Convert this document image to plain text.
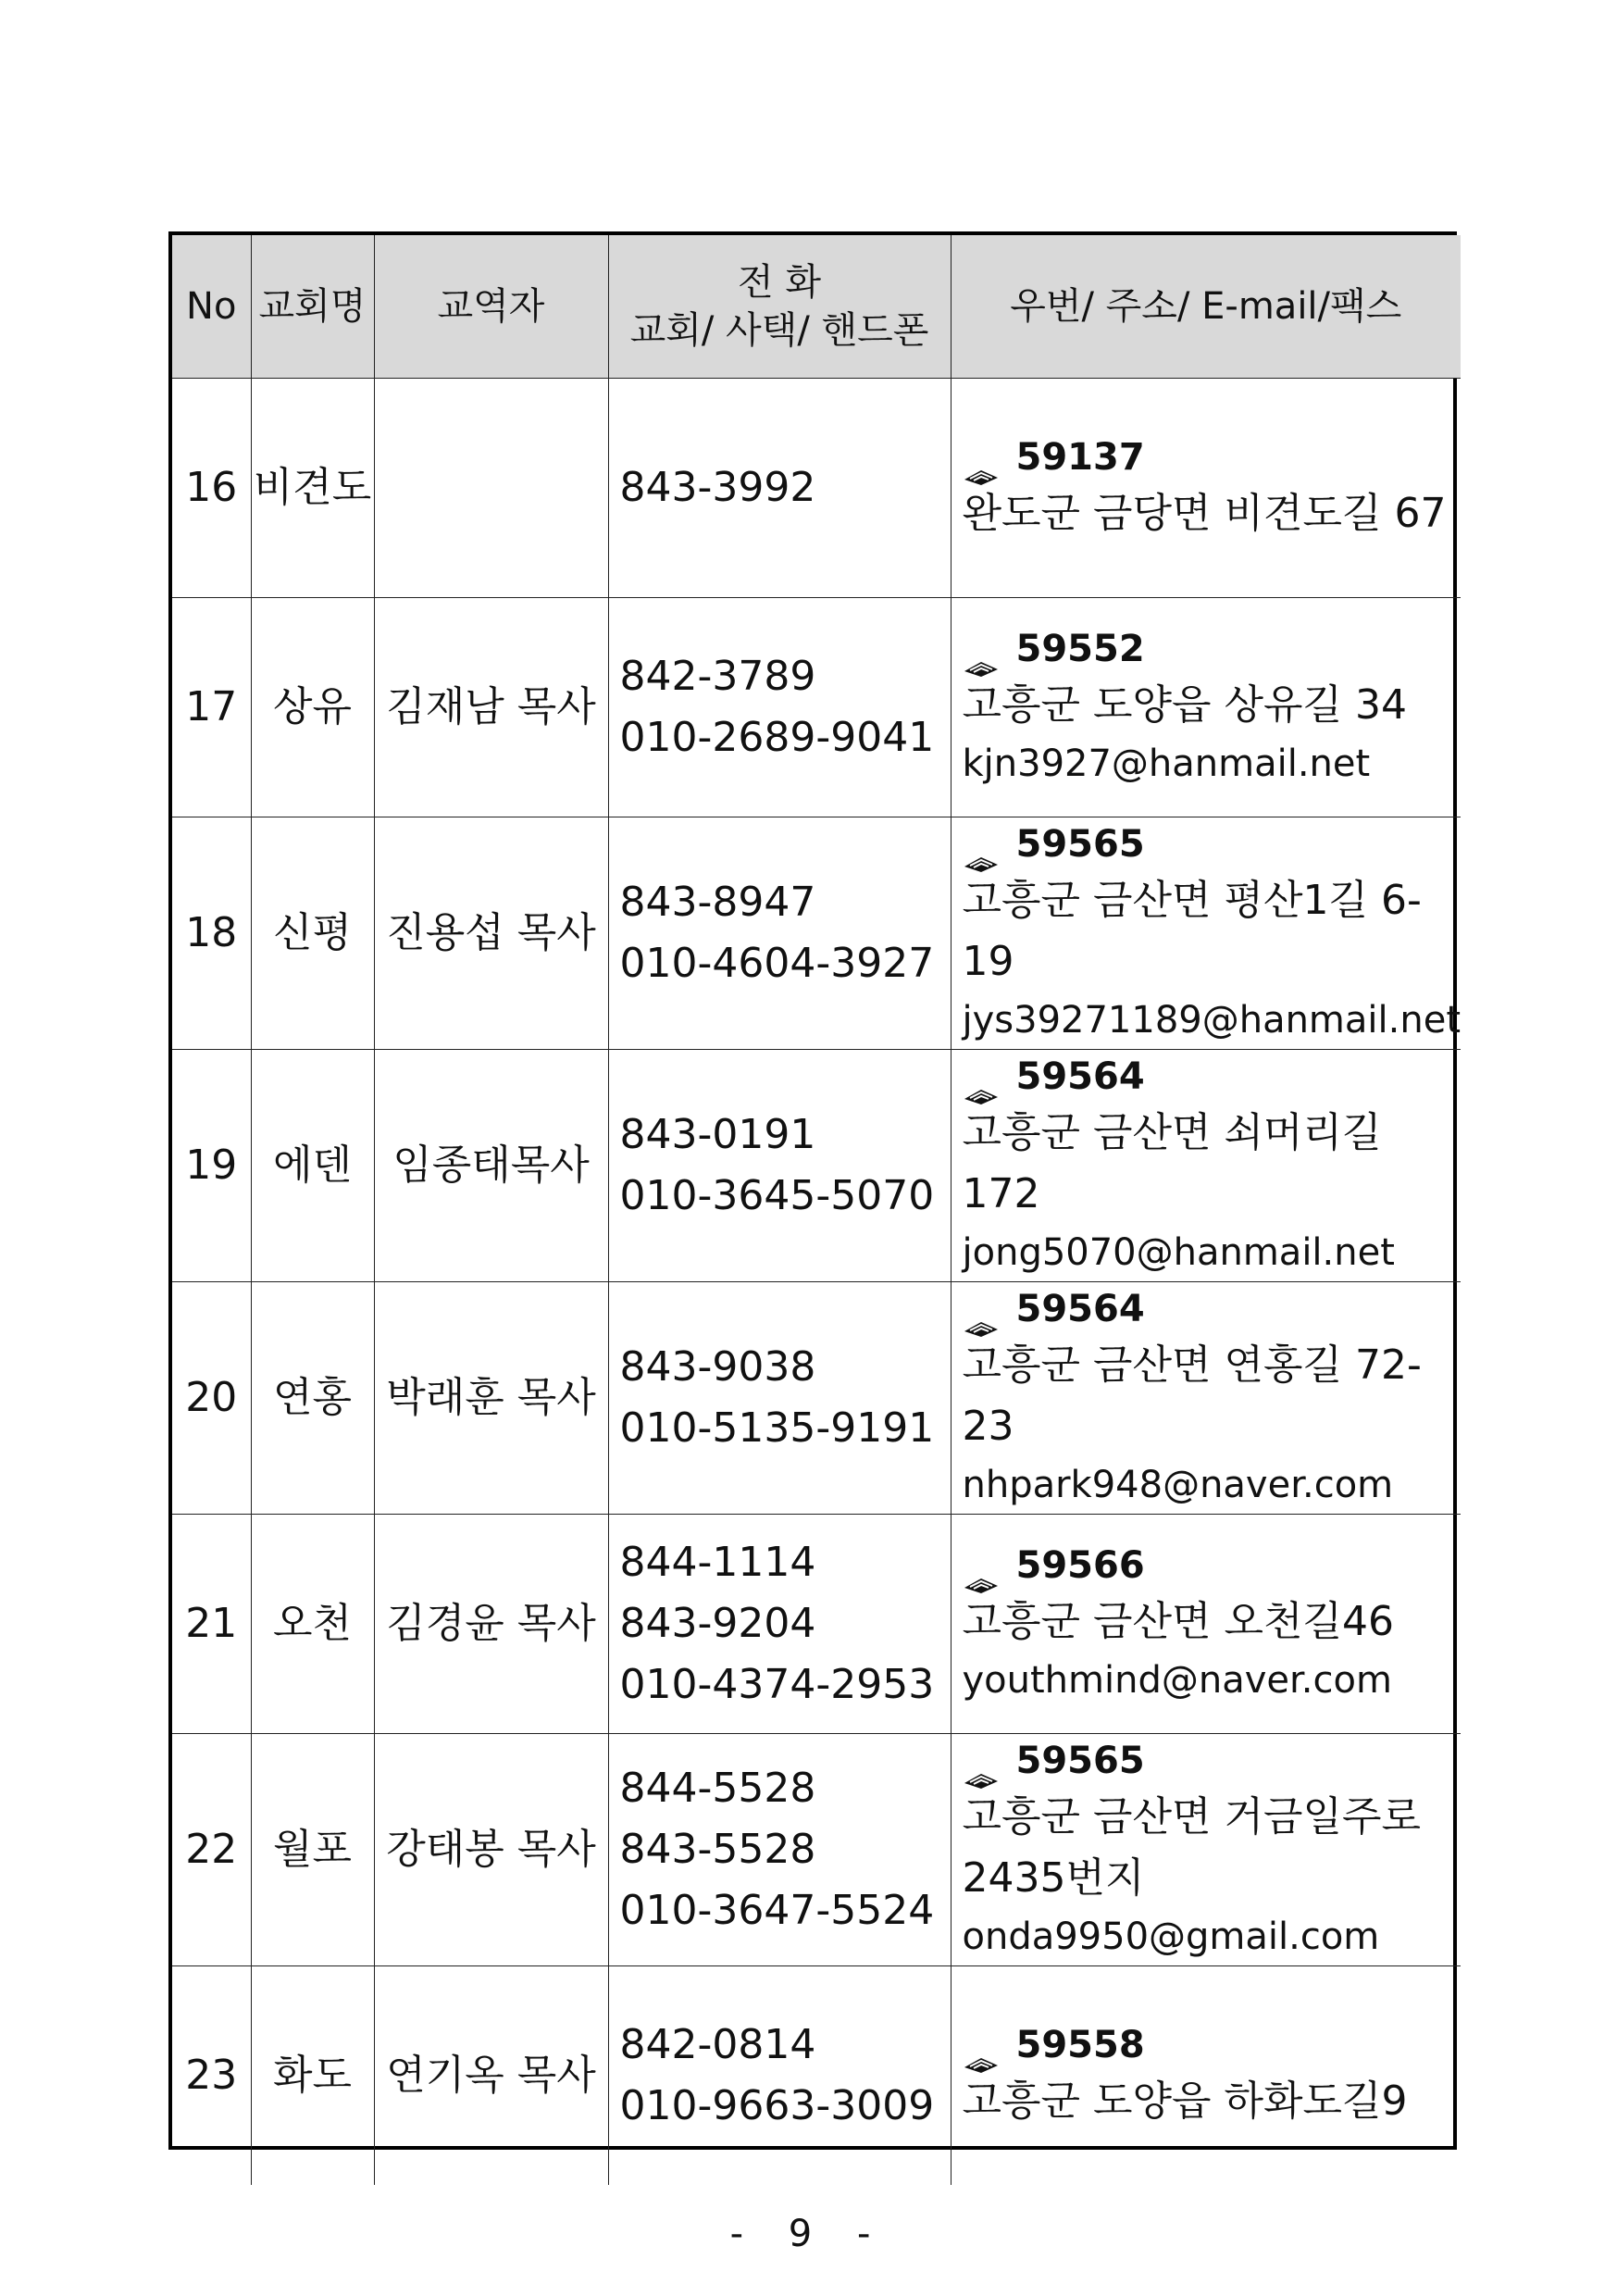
No	교회명	교역자	전 화
교회/ 사택/ 핸드폰	우번/ 주소/ E-mail/팩스
16	비견도		843-3992	59137
완도군 금당면 비견도길 67

17	상유	김재남 목사	842-3789
010-2689-9041	59552
고흥군 도양읍 상유길 34
kjn3927@hanmail.net

18	신평	진용섭 목사	843-8947
010-4604-3927	59565
고흥군 금산면 평산1길 6-19
jys39271189@hanmail.net

19	에덴	임종태목사	843-0191
010-3645-5070	59564
고흥군 금산면 쇠머리길 172
jong5070@hanmail.net

20	연홍	박래훈 목사	843-9038
010-5135-9191	59564
고흥군 금산면 연홍길 72-23
nhpark948@naver.com

21	오천	김경윤 목사	844-1114
843-9204
010-4374-2953	59566
고흥군 금산면 오천길46
youthmind@naver.com

22	월포	강태봉 목사	844-5528
843-5528
010-3647-5524	59565
고흥군 금산면 거금일주로
2435번지
onda9950@gmail.com

23	화도	연기옥 목사	842-0814
010-9663-3009	59558
고흥군 도양읍 하화도길9
- 9 -
